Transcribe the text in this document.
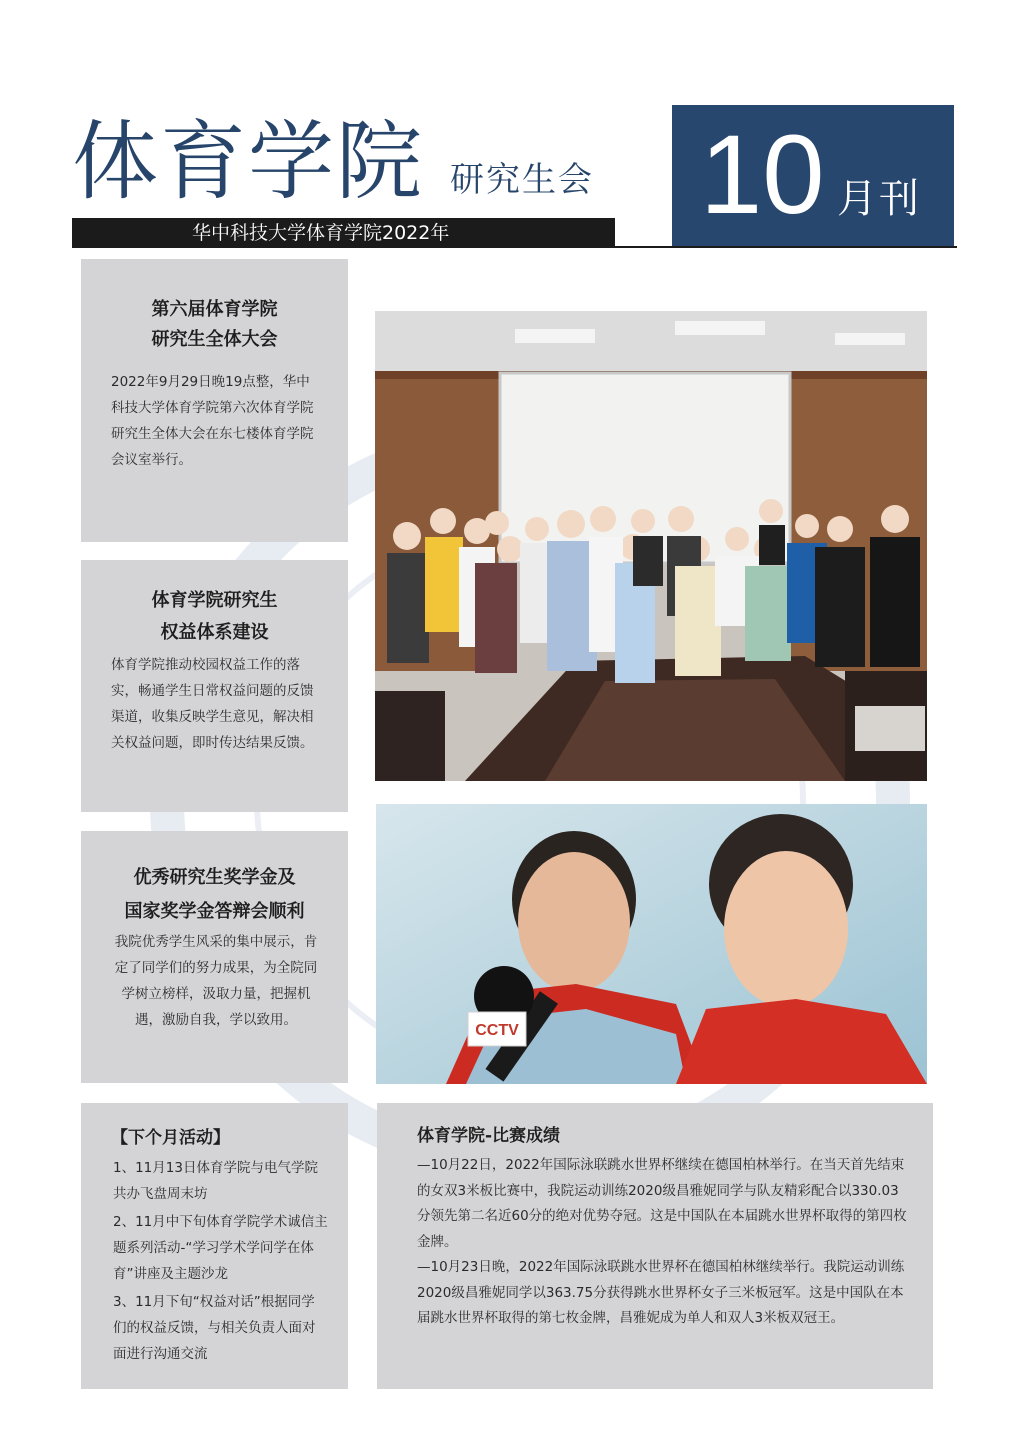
体育学院 研究生会
华中科技大学体育学院2022年 10 月刊
第六届体育学院
研究生全体大会
2022年9月29日晚19点整，华中科技大学体育学院第六次体育学院研究生全体大会在东七楼体育学院会议室举行。
体育学院研究生
权益体系建设
体育学院推动校园权益工作的落实，畅通学生日常权益问题的反馈渠道，收集反映学生意见，解决相关权益问题，即时传达结果反馈。
优秀研究生奖学金及
国家奖学金答辩会顺利
我院优秀学生风采的集中展示，肯定了同学们的努力成果，为全院同学树立榜样，汲取力量，把握机遇，激励自我，学以致用。
【下个月活动】
1、11月13日体育学院与电气学院共办飞盘周末坊
2、11月中下旬体育学院学术诚信主题系列活动-“学习学术学问学在体育”讲座及主题沙龙
3、11月下旬“权益对话”根据同学们的权益反馈，与相关负责人面对面进行沟通交流
CCTV
体育学院-比赛成绩

—10月22日，2022年国际泳联跳水世界杯继续在德国柏林举行。在当天首先结束的女双3米板比赛中，我院运动训练2020级昌雅妮同学与队友精彩配合以330.03分领先第二名近60分的绝对优势夺冠。这是中国队在本届跳水世界杯取得的第四枚金牌。

—10月23日晚，2022年国际泳联跳水世界杯在德国柏林继续举行。我院运动训练2020级昌雅妮同学以363.75分获得跳水世界杯女子三米板冠军。这是中国队在本届跳水世界杯取得的第七枚金牌，昌雅妮成为单人和双人3米板双冠王。
